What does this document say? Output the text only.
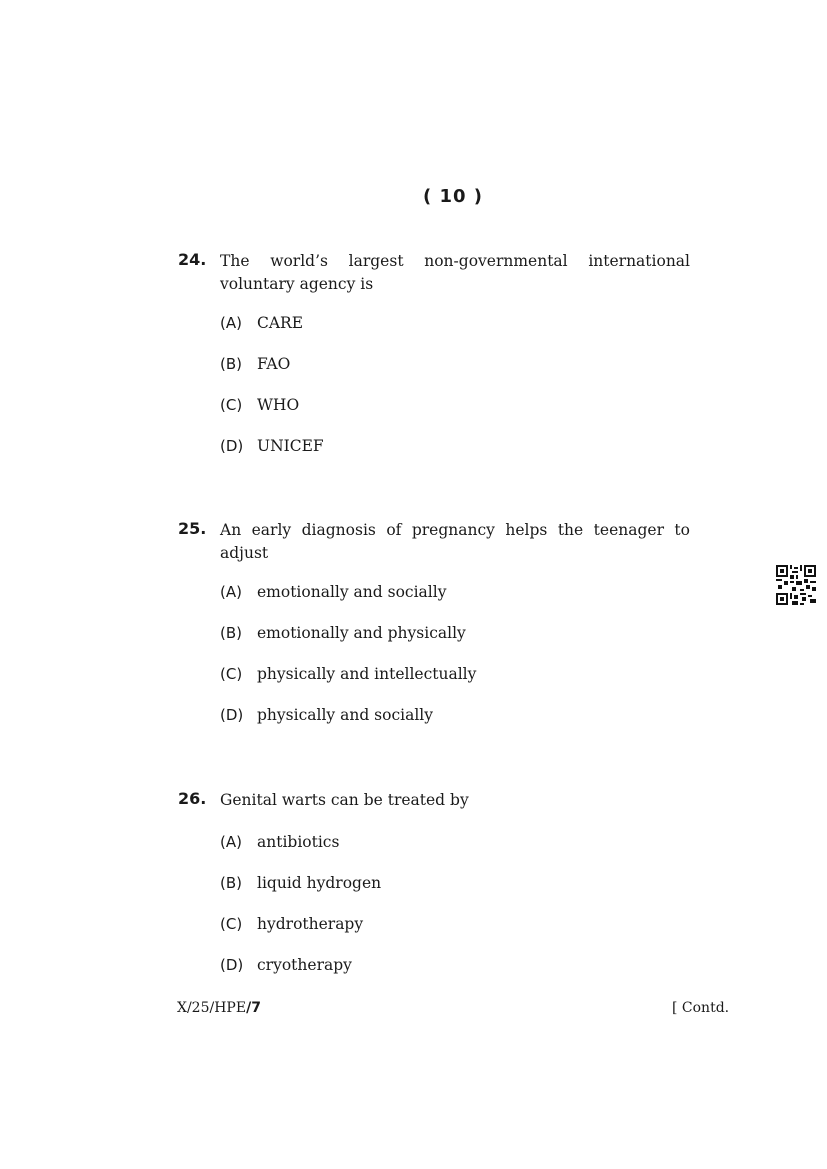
( 10 )
24. The world’s largest non-governmental international voluntary agency is
(A) CARE
(B) FAO
(C) WHO
(D) UNICEF
25. An early diagnosis of pregnancy helps the teenager to adjust
(A) emotionally and socially
(B) emotionally and physically
(C) physically and intellectually
(D) physically and socially
26. Genital warts can be treated by
(A) antibiotics
(B) liquid hydrogen
(C) hydrotherapy
(D) cryotherapy
X/25/HPE/7	[ Contd.
